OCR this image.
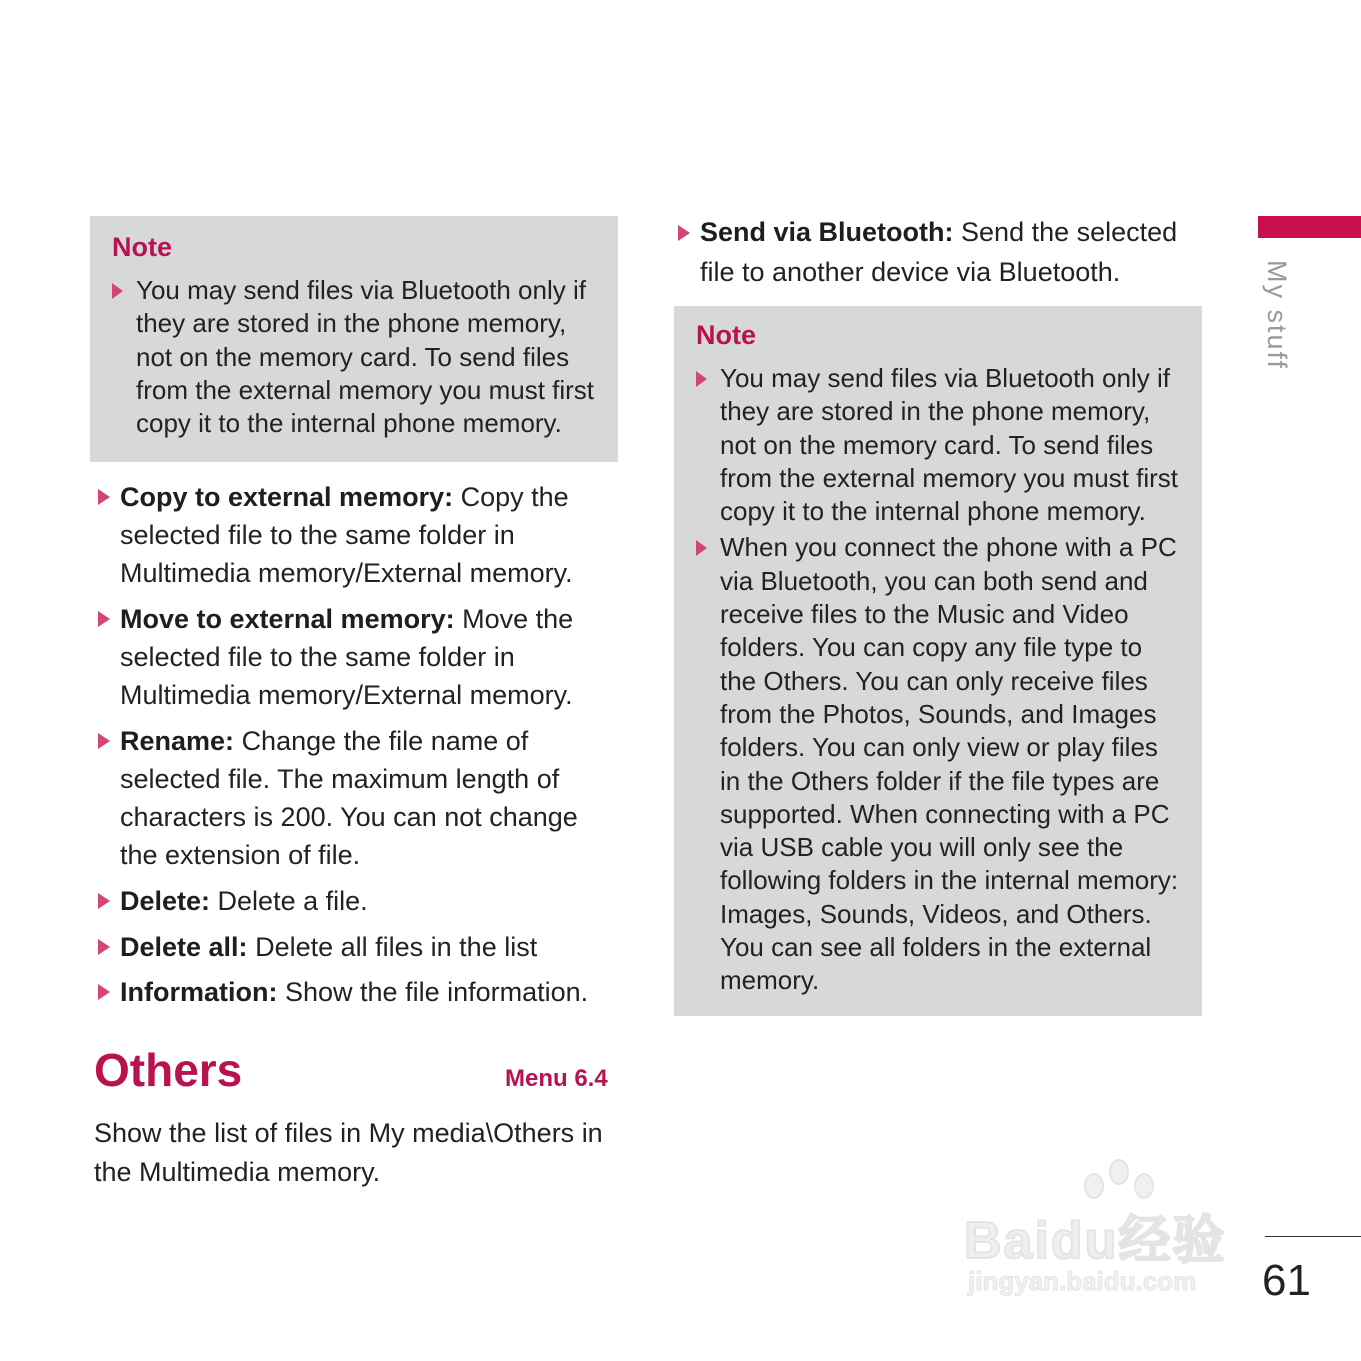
Note
You may send files via Bluetooth only if they are stored in the phone memory, not on the memory card. To send files from the external memory you must first copy it to the internal phone memory.
Copy to external memory: Copy the selected file to the same folder in Multimedia memory/External memory.
Move to external memory: Move the selected file to the same folder in Multimedia memory/External memory.
Rename: Change the file name of selected file. The maximum length of characters is 200. You can not change the extension of file.
Delete: Delete a file.
Delete all: Delete all files in the list
Information: Show the file information.
Others	Menu 6.4
Show the list of files in My media\Others in the Multimedia memory.
Send via Bluetooth: Send the selected file to another device via Bluetooth.
Note
You may send files via Bluetooth only if they are stored in the phone memory, not on the memory card. To send files from the external memory you must first copy it to the internal phone memory.
When you connect the phone with a PC via Bluetooth, you can both send and receive files to the Music and Video folders. You can copy any file type to the Others. You can only receive files from the Photos, Sounds, and Images folders. You can only view or play files in the Others folder if the file types are supported. When connecting with a PC via USB cable you will only see the following folders in the internal memory: Images, Sounds, Videos, and Others. You can see all folders in the external memory.
My stuff
Baidu经验
jingyan.baidu.com 61
